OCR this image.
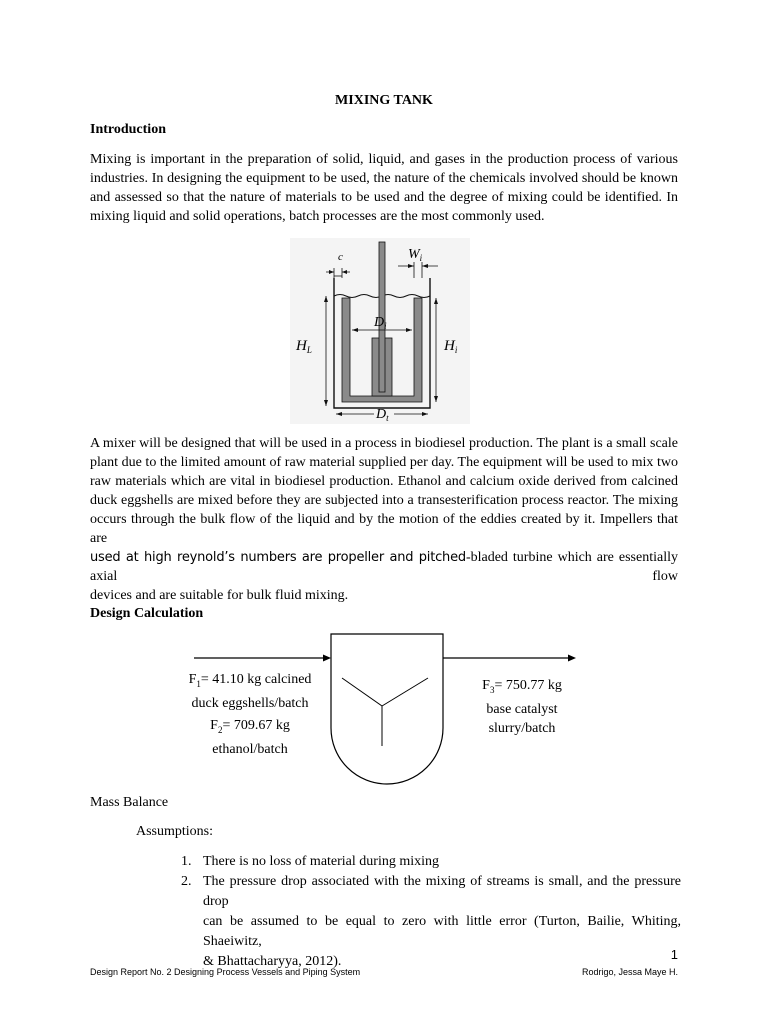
MIXING TANK
Introduction
Mixing is important in the preparation of solid, liquid, and gases in the production process of various
industries. In designing the equipment to be used, the nature of the chemicals involved should be known
and assessed so that the nature of materials to be used and the degree of mixing could be identified. In
mixing liquid and solid operations, batch processes are the most commonly used.
c	$W_i$
$D_i$
$H_L$	$H_i$
$D_t$
A mixer will be designed that will be used in a process in biodiesel production. The plant is a small scale
plant due to the limited amount of raw material supplied per day. The equipment will be used to mix two
raw materials which are vital in biodiesel production. Ethanol and calcium oxide derived from calcined
duck eggshells are mixed before they are subjected into a transesterification process reactor. The mixing
occurs through the bulk flow of the liquid and by the motion of the eddies created by it. Impellers that are
used at high reynold’s numbers are propeller and pitched-bladed turbine which are essentially axial flow
devices and are suitable for bulk fluid mixing.
Design Calculation
$F_1= 41.10$ kg calcined
duck eggshells/batch
$F_2= 709.67$ kg
ethanol/batch
$F_3= 750.77$ kg
base catalyst
slurry/batch
Mass Balance
Assumptions:
1. There is no loss of material during mixing
2. The pressure drop associated with the mixing of streams is small, and the pressure drop
can be assumed to be equal to zero with little error (Turton, Bailie, Whiting, Shaeiwitz,
& Bhattacharyya, 2012).	1
Design Report No. 2 Designing Process Vessels and Piping System	Rodrigo, Jessa Maye H.
